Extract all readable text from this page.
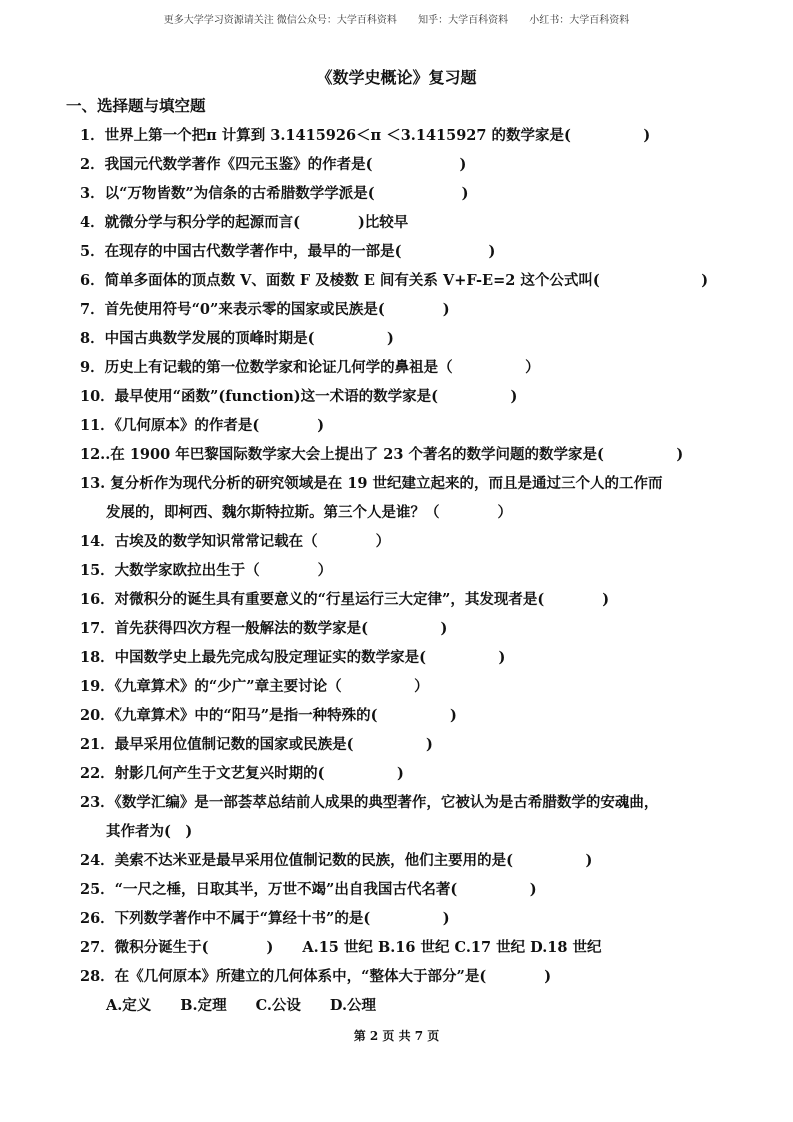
更多大学学习资源请关注 微信公众号：大学百科资料 知乎：大学百科资料 小红书：大学百科资料
《数学史概论》复习题
一、选择题与填空题
1．世界上第一个把π 计算到 3.1415926＜π ＜3.1415927 的数学家是(　　　　　)
2．我国元代数学著作《四元玉鉴》的作者是(　　　　　　)
3．以“万物皆数”为信条的古希腊数学学派是(　　　　　　)
4．就微分学与积分学的起源而言(　　　　)比较早
5．在现存的中国古代数学著作中，最早的一部是(　　　　　　)
6．简单多面体的顶点数 V、面数 F 及棱数 E 间有关系 V+F-E=2 这个公式叫(　　　　　　　)
7．首先使用符号“0”来表示零的国家或民族是(　　　　)
8．中国古典数学发展的顶峰时期是(　　　　　)
9．历史上有记载的第一位数学家和论证几何学的鼻祖是（　　　　　）
10．最早使用“函数”(function)这一术语的数学家是(　　　　　)
11．《几何原本》的作者是(　　　　)
12..在 1900 年巴黎国际数学家大会上提出了 23 个著名的数学问题的数学家是(　　　　　)
13. 复分析作为现代分析的研究领域是在 19 世纪建立起来的，而且是通过三个人的工作而
发展的，即柯西、魏尔斯特拉斯。第三个人是谁？（　　　　）
14．古埃及的数学知识常常记载在（　　　　）
15．大数学家欧拉出生于（　　　　）
16．对微积分的诞生具有重要意义的“行星运行三大定律”，其发现者是(　　　　)
17．首先获得四次方程一般解法的数学家是(　　　　　)
18．中国数学史上最先完成勾股定理证实的数学家是(　　　　　)
19．《九章算术》的“少广”章主要讨论（　　　　　）
20．《九章算术》中的“阳马”是指一种特殊的(　　　　　)
21．最早采用位值制记数的国家或民族是(　　　　　)
22．射影几何产生于文艺复兴时期的(　　　　　)
23．《数学汇编》是一部荟萃总结前人成果的典型著作，它被认为是古希腊数学的安魂曲，
其作者为(　)
24．美索不达米亚是最早采用位值制记数的民族，他们主要用的是(　　　　　)
25．“一尺之棰，日取其半，万世不竭”出自我国古代名著(　　　　　)
26．下列数学著作中不属于“算经十书”的是(　　　　　)
27．微积分诞生于(　　　　)　　A.15 世纪 B.16 世纪 C.17 世纪 D.18 世纪
28．在《几何原本》所建立的几何体系中，“整体大于部分”是(　　　　)
A.定义　　B.定理　　C.公设　　D.公理
第 2 页 共 7 页
